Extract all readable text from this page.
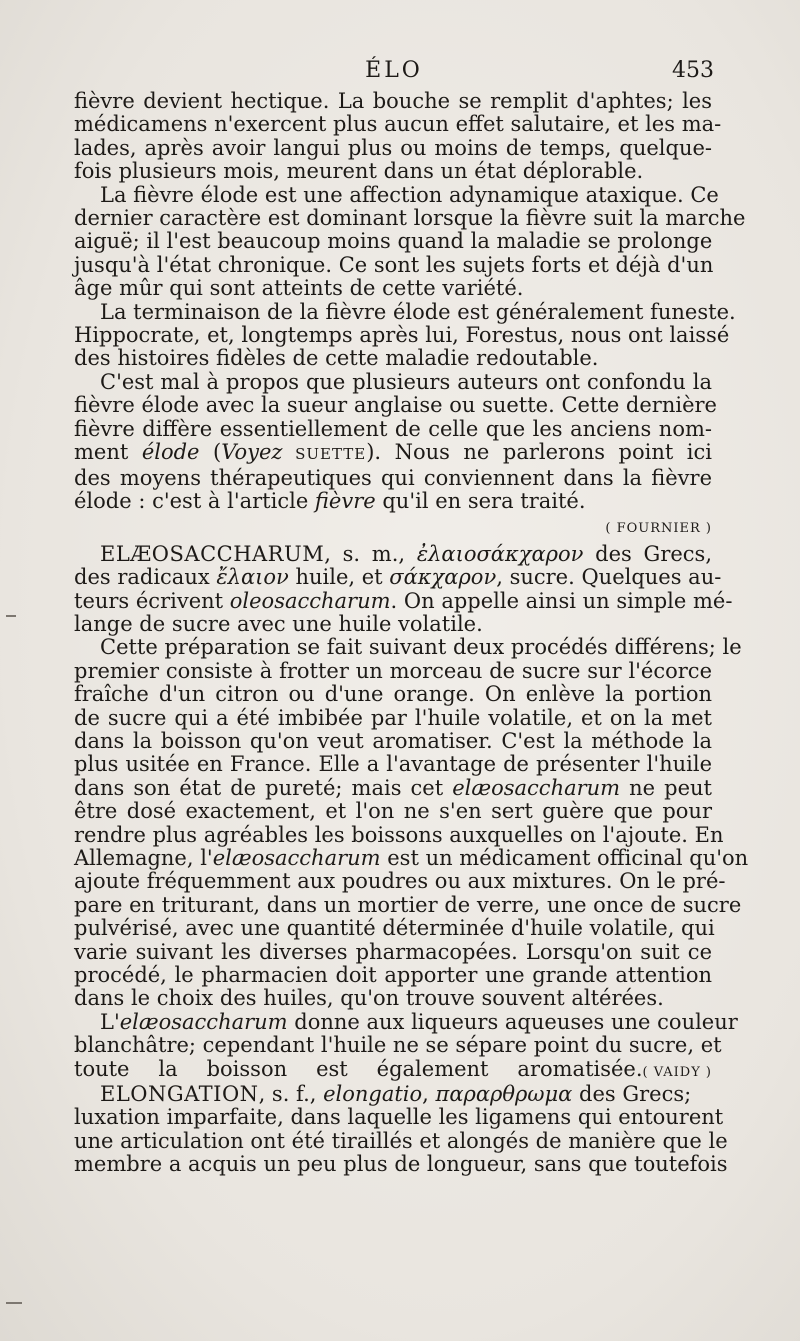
ÉLO	453
fièvre devient hectique. La bouche se remplit d'aphtes; les
médicamens n'exercent plus aucun effet salutaire, et les ma-
lades, après avoir langui plus ou moins de temps, quelque-
fois plusieurs mois, meurent dans un état déplorable.
La fièvre élode est une affection adynamique ataxique. Ce
dernier caractère est dominant lorsque la fièvre suit la marche
aiguë; il l'est beaucoup moins quand la maladie se prolonge
jusqu'à l'état chronique. Ce sont les sujets forts et déjà d'un
âge mûr qui sont atteints de cette variété.
La terminaison de la fièvre élode est généralement funeste.
Hippocrate, et, longtemps après lui, Forestus, nous ont laissé
des histoires fidèles de cette maladie redoutable.
C'est mal à propos que plusieurs auteurs ont confondu la
fièvre élode avec la sueur anglaise ou suette. Cette dernière
fièvre diffère essentiellement de celle que les anciens nom-
ment élode (Voyez SUETTE). Nous ne parlerons point ici
des moyens thérapeutiques qui conviennent dans la fièvre
élode : c'est à l'article fièvre qu'il en sera traité.
( FOURNIER )
ELÆOSACCHARUM, s. m., ἐλαιοσάκχαρον des Grecs,
des radicaux ἔλαιον huile, et σάκχαρον, sucre. Quelques au-
teurs écrivent oleosaccharum. On appelle ainsi un simple mé-
lange de sucre avec une huile volatile.
Cette préparation se fait suivant deux procédés différens; le
premier consiste à frotter un morceau de sucre sur l'écorce
fraîche d'un citron ou d'une orange. On enlève la portion
de sucre qui a été imbibée par l'huile volatile, et on la met
dans la boisson qu'on veut aromatiser. C'est la méthode la
plus usitée en France. Elle a l'avantage de présenter l'huile
dans son état de pureté; mais cet elæosaccharum ne peut
être dosé exactement, et l'on ne s'en sert guère que pour
rendre plus agréables les boissons auxquelles on l'ajoute. En
Allemagne, l'elæosaccharum est un médicament officinal qu'on
ajoute fréquemment aux poudres ou aux mixtures. On le pré-
pare en triturant, dans un mortier de verre, une once de sucre
pulvérisé, avec une quantité déterminée d'huile volatile, qui
varie suivant les diverses pharmacopées. Lorsqu'on suit ce
procédé, le pharmacien doit apporter une grande attention
dans le choix des huiles, qu'on trouve souvent altérées.
L'elæosaccharum donne aux liqueurs aqueuses une couleur
blanchâtre; cependant l'huile ne se sépare point du sucre, et
toute la boisson est également aromatisée. ( VAIDY )
ELONGATION, s. f., elongatio, παραρθρωμα des Grecs;
luxation imparfaite, dans laquelle les ligamens qui entourent
une articulation ont été tiraillés et alongés de manière que le
membre a acquis un peu plus de longueur, sans que toutefois
